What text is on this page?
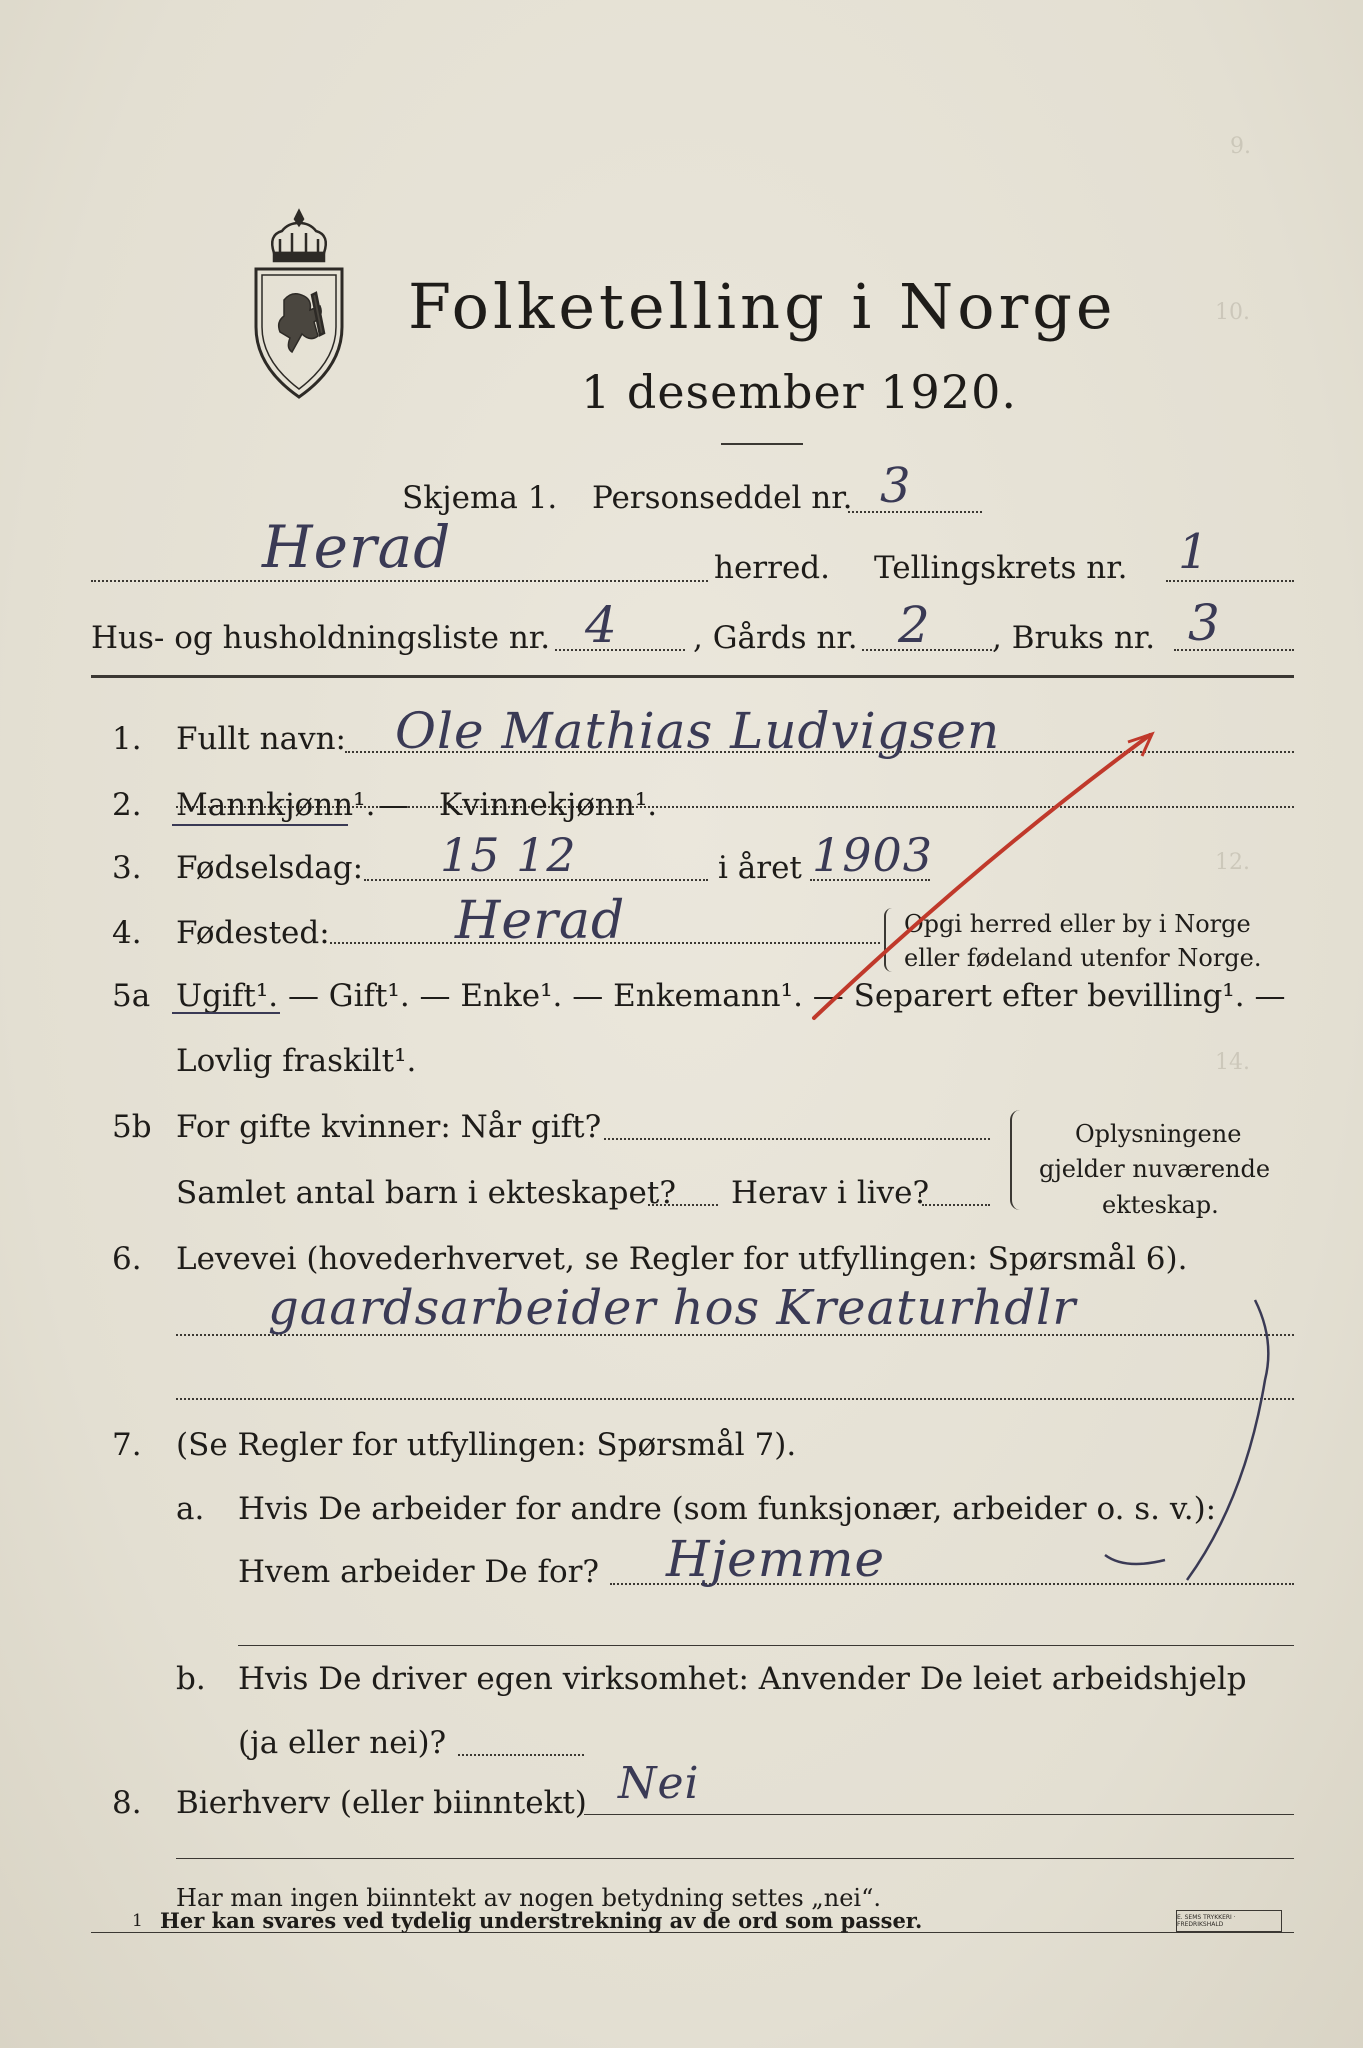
9.
10.
12.
14.
Folketelling i Norge
1 desember 1920.
Skjema 1. Personseddel nr. 3
Herad	herred. Tellingskrets nr. 1
Hus- og husholdningsliste nr. 4 , Gårds nr. 2 , Bruks nr. 3
1. Fullt navn: Ole Mathias Ludvigsen
2. Mannkjønn¹. — Kvinnekjønn¹.
3. Fødselsdag: 15 12	i året 1903
4. Fødested: Herad	Opgi herred eller by i Norge
eller fødeland utenfor Norge.
5a Ugift¹. — Gift¹. — Enke¹. — Enkemann¹. — Separert efter bevilling¹. —
Lovlig fraskilt¹.
5b For gifte kvinner: Når gift?
Samlet antal barn i ekteskapet? Herav i live?
Oplysningene
gjelder nuværende
ekteskap.
6. Levevei (hovederhvervet, se Regler for utfyllingen: Spørsmål 6).
gaardsarbeider hos Kreaturhdlr
7. (Se Regler for utfyllingen: Spørsmål 7).
a. Hvis De arbeider for andre (som funksjonær, arbeider o. s. v.):
Hvem arbeider De for? Hjemme
b. Hvis De driver egen virksomhet: Anvender De leiet arbeidshjelp
(ja eller nei)?
8. Bierhverv (eller biinntekt) Nei
Har man ingen biinntekt av nogen betydning settes „nei“.
1 Her kan svares ved tydelig understrekning av de ord som passer.	E. SEMS TRYKKERI · FREDRIKSHALD
